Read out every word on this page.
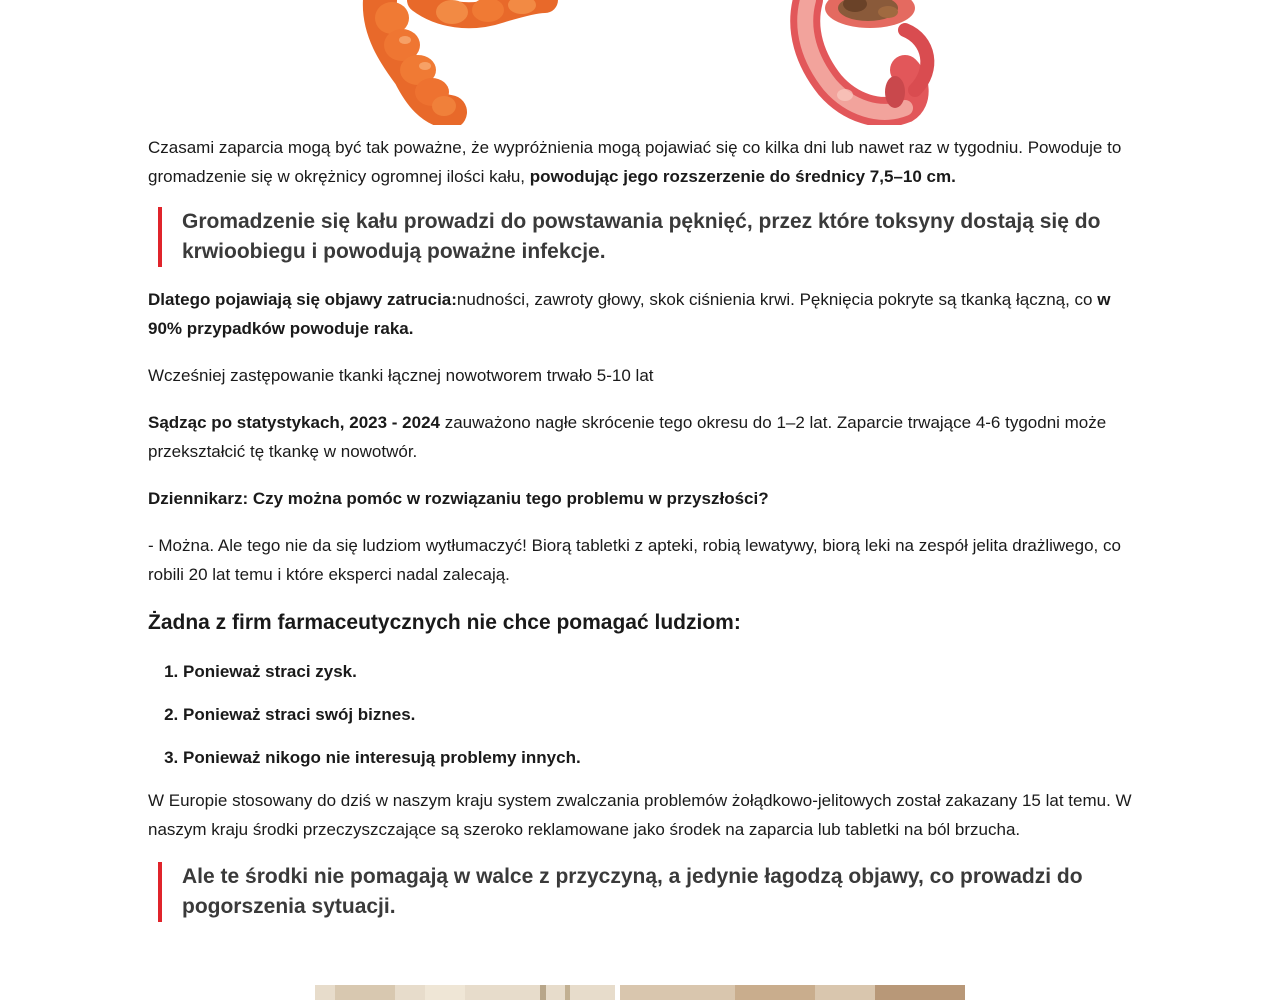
Czasami zaparcia mogą być tak poważne, że wypróżnienia mogą pojawiać się co kilka dni lub nawet raz w tygodniu. Powoduje to gromadzenie się w okrężnicy ogromnej ilości kału, powodując jego rozszerzenie do średnicy 7,5–10 cm.

Gromadzenie się kału prowadzi do powstawania pęknięć, przez które toksyny dostają się do krwioobiegu i powodują poważne infekcje.

Dlatego pojawiają się objawy zatrucia:nudności, zawroty głowy, skok ciśnienia krwi. Pęknięcia pokryte są tkanką łączną, co w 90% przypadków powoduje raka.

Wcześniej zastępowanie tkanki łącznej nowotworem trwało 5-10 lat

Sądząc po statystykach, 2023 - 2024 zauważono nagłe skrócenie tego okresu do 1–2 lat. Zaparcie trwające 4-6 tygodni może przekształcić tę tkankę w nowotwór.

Dziennikarz: Czy można pomóc w rozwiązaniu tego problemu w przyszłości?

- Można. Ale tego nie da się ludziom wytłumaczyć! Biorą tabletki z apteki, robią lewatywy, biorą leki na zespół jelita drażliwego, co robili 20 lat temu i które eksperci nadal zalecają.

Żadna z firm farmaceutycznych nie chce pomagać ludziom:
1. Ponieważ straci zysk.
2. Ponieważ straci swój biznes.
3. Ponieważ nikogo nie interesują problemy innych.

W Europie stosowany do dziś w naszym kraju system zwalczania problemów żołądkowo-jelitowych został zakazany 15 lat temu. W naszym kraju środki przeczyszczające są szeroko reklamowane jako środek na zaparcia lub tabletki na ból brzucha.

Ale te środki nie pomagają w walce z przyczyną, a jedynie łagodzą objawy, co prowadzi do pogorszenia sytuacji.
